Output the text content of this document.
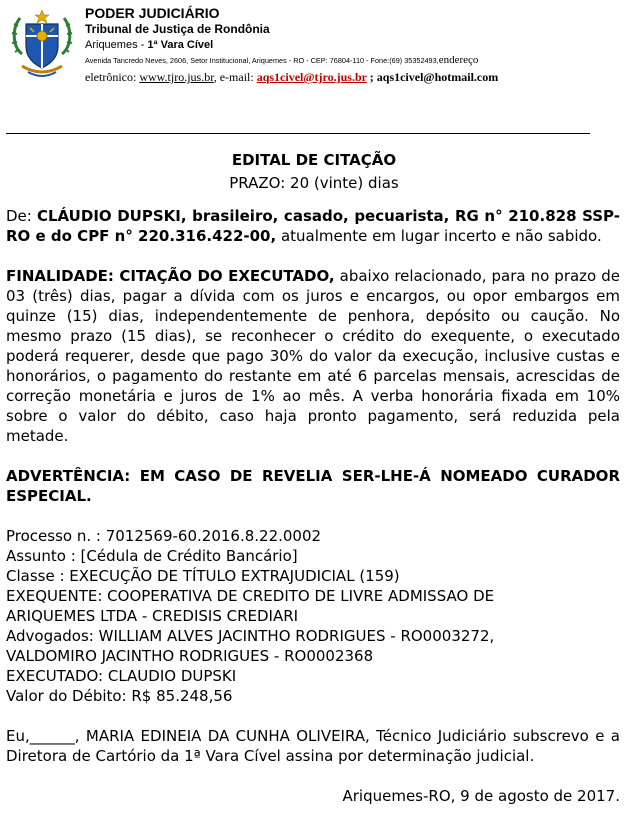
PODER JUDICIÁRIO
Tribunal de Justiça de Rondônia
Ariquemes - 1ª Vara Cível
Avenida Tancredo Neves, 2606, Setor Institucional, Ariquemes - RO - CEP: 76804-110 - Fone:(69) 35352493,endereço
eletrônico: www.tjro.jus.br, e-mail: aqs1civel@tjro.jus.br ; aqs1civel@hotmail.com
EDITAL DE CITAÇÃO
PRAZO: 20 (vinte) dias

De: CLÁUDIO DUPSKI, brasileiro, casado, pecuarista, RG n° 210.828 SSP- RO e do CPF n° 220.316.422-00, atualmente em lugar incerto e não sabido.

FINALIDADE: CITAÇÃO DO EXECUTADO, abaixo relacionado, para no prazo de 03 (três) dias, pagar a dívida com os juros e encargos, ou opor embargos em quinze (15) dias, independentemente de penhora, depósito ou caução. No mesmo prazo (15 dias), se reconhecer o crédito do exequente, o executado poderá requerer, desde que pago 30% do valor da execução, inclusive custas e honorários, o pagamento do restante em até 6 parcelas mensais, acrescidas de correção monetária e juros de 1% ao mês. A verba honorária fixada em 10% sobre o valor do débito, caso haja pronto pagamento, será reduzida pela metade.

ADVERTÊNCIA: EM CASO DE REVELIA SER-LHE-Á NOMEADO CURADOR ESPECIAL.

Processo n. : 7012569-60.2016.8.22.0002
Assunto : [Cédula de Crédito Bancário]
Classe : EXECUÇÃO DE TÍTULO EXTRAJUDICIAL (159)
EXEQUENTE: COOPERATIVA DE CREDITO DE LIVRE ADMISSAO DE
ARIQUEMES LTDA - CREDISIS CREDIARI
Advogados: WILLIAM ALVES JACINTHO RODRIGUES - RO0003272,
VALDOMIRO JACINTHO RODRIGUES - RO0002368
EXECUTADO: CLAUDIO DUPSKI
Valor do Débito: R$ 85.248,56

Eu,______, MARIA EDINEIA DA CUNHA OLIVEIRA, Técnico Judiciário subscrevo e a Diretora de Cartório da 1ª Vara Cível assina por determinação judicial.

Ariquemes-RO, 9 de agosto de 2017.
